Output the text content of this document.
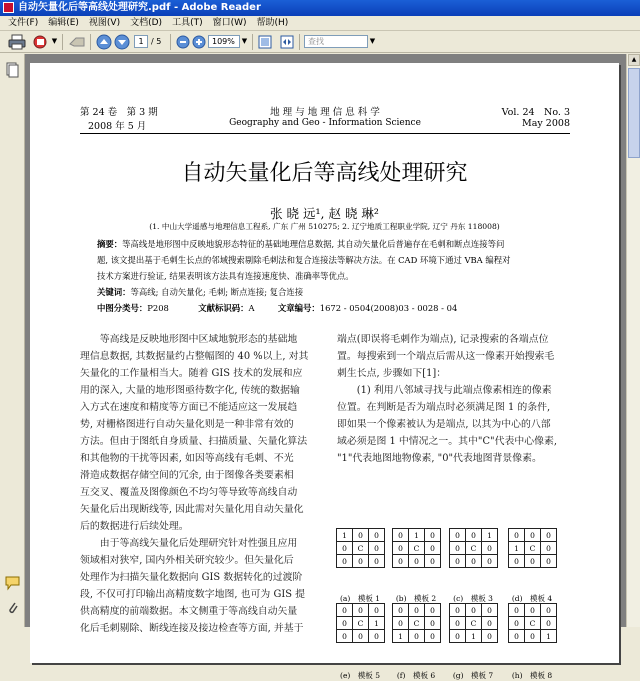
自动矢量化后等高线处理研究.pdf - Adobe Reader
文件(F)	编辑(E)	视图(V)	文档(D)	工具(T)	窗口(W)	帮助(H)
▼	1 / 5	109% ▼	查找	▼
第 24 卷　第 3 期
2008 年 5 月
地 理 与 地 理 信 息 科 学
Geography and Geo - Information Science
Vol. 24　No. 3
May 2008
自动矢量化后等高线处理研究
张 晓 远¹, 赵 晓 琳²
(1. 中山大学遥感与地理信息工程系, 广东 广州 510275; 2. 辽宁地质工程职业学院, 辽宁 丹东 118008)
摘要：等高线是地形图中反映地貌形态特征的基础地理信息数据, 其自动矢量化后普遍存在毛刺和断点连接等问
题, 该文提出基于毛刺生长点的邻域搜索剔除毛刺法和复合连接法等解决方法。在 CAD 环境下通过 VBA 编程对
技术方案进行验证, 结果表明该方法具有连接速度快、准确率等优点。
关键词：等高线; 自动矢量化; 毛刺; 断点连接; 复合连接
中图分类号：P208	文献标识码：A	文章编号：1672 - 0504(2008)03 - 0028 - 04
　　等高线是反映地形图中区域地貌形态的基础地
理信息数据, 其数据量约占整幅图的 40 %以上, 对其
矢量化的工作量相当大。随着 GIS 技术的发展和应
用的深入, 大量的地形图亟待数字化, 传统的数据输
入方式在速度和精度等方面已不能适应这一发展趋
势, 对栅格图进行自动矢量化则是一种非常有效的
方法。但由于图纸自身质量、扫描质量、矢量化算法
和其他物的干扰等因素, 如因等高线有毛刺、不光
滑造成数据存储空间的冗余, 由于图像各类要素相
互交叉、覆盖及图像颜色不均匀等导致等高线自动
矢量化后出现断线等, 因此需对矢量化用自动矢量化
后的数据进行后续处理。
　　由于等高线矢量化后处理研究针对性强且应用
领域相对狭窄, 国内外相关研究较少。但矢量化后
处理作为扫描矢量化数据向 GIS 数据转化的过渡阶
段, 不仅可打印输出高精度数字地图, 也可为 GIS 提
供高精度的前端数据。本文侧重于等高线自动矢量
化后毛刺剔除、断线连接及接边检查等方面, 并基于
端点(即误将毛刺作为端点), 记录搜索的各端点位
置。每搜索到一个端点后需从这一像素开始搜索毛
刺生长点, 步骤如下[1]：
　　(1) 利用八邻域寻找与此端点像素相连的像素
位置。在判断是否为端点时必须满足图 1 的条件,
即如果一个像素被认为是端点, 以其为中心的八部
域必须是图 1 中情况之一。其中"C"代表中心像素,
"1"代表地图地物像素, "0"代表地图背景像素。
1	0	0
0	C	0
0	0	0
(a)　模板 1
0	1	0
0	C	0
0	0	0
(b)　模板 2
0	0	1
0	C	0
0	0	0
(c)　模板 3
0	0	0
1	C	0
0	0	0
(d)　模板 4
0	0	0
0	C	1
0	0	0
(e)　模板 5
0	0	0
0	C	0
1	0	0
(f)　模板 6
0	0	0
0	C	0
0	1	0
(g)　模板 7
0	0	0
0	C	0
0	0	1
(h)　模板 8
▲
